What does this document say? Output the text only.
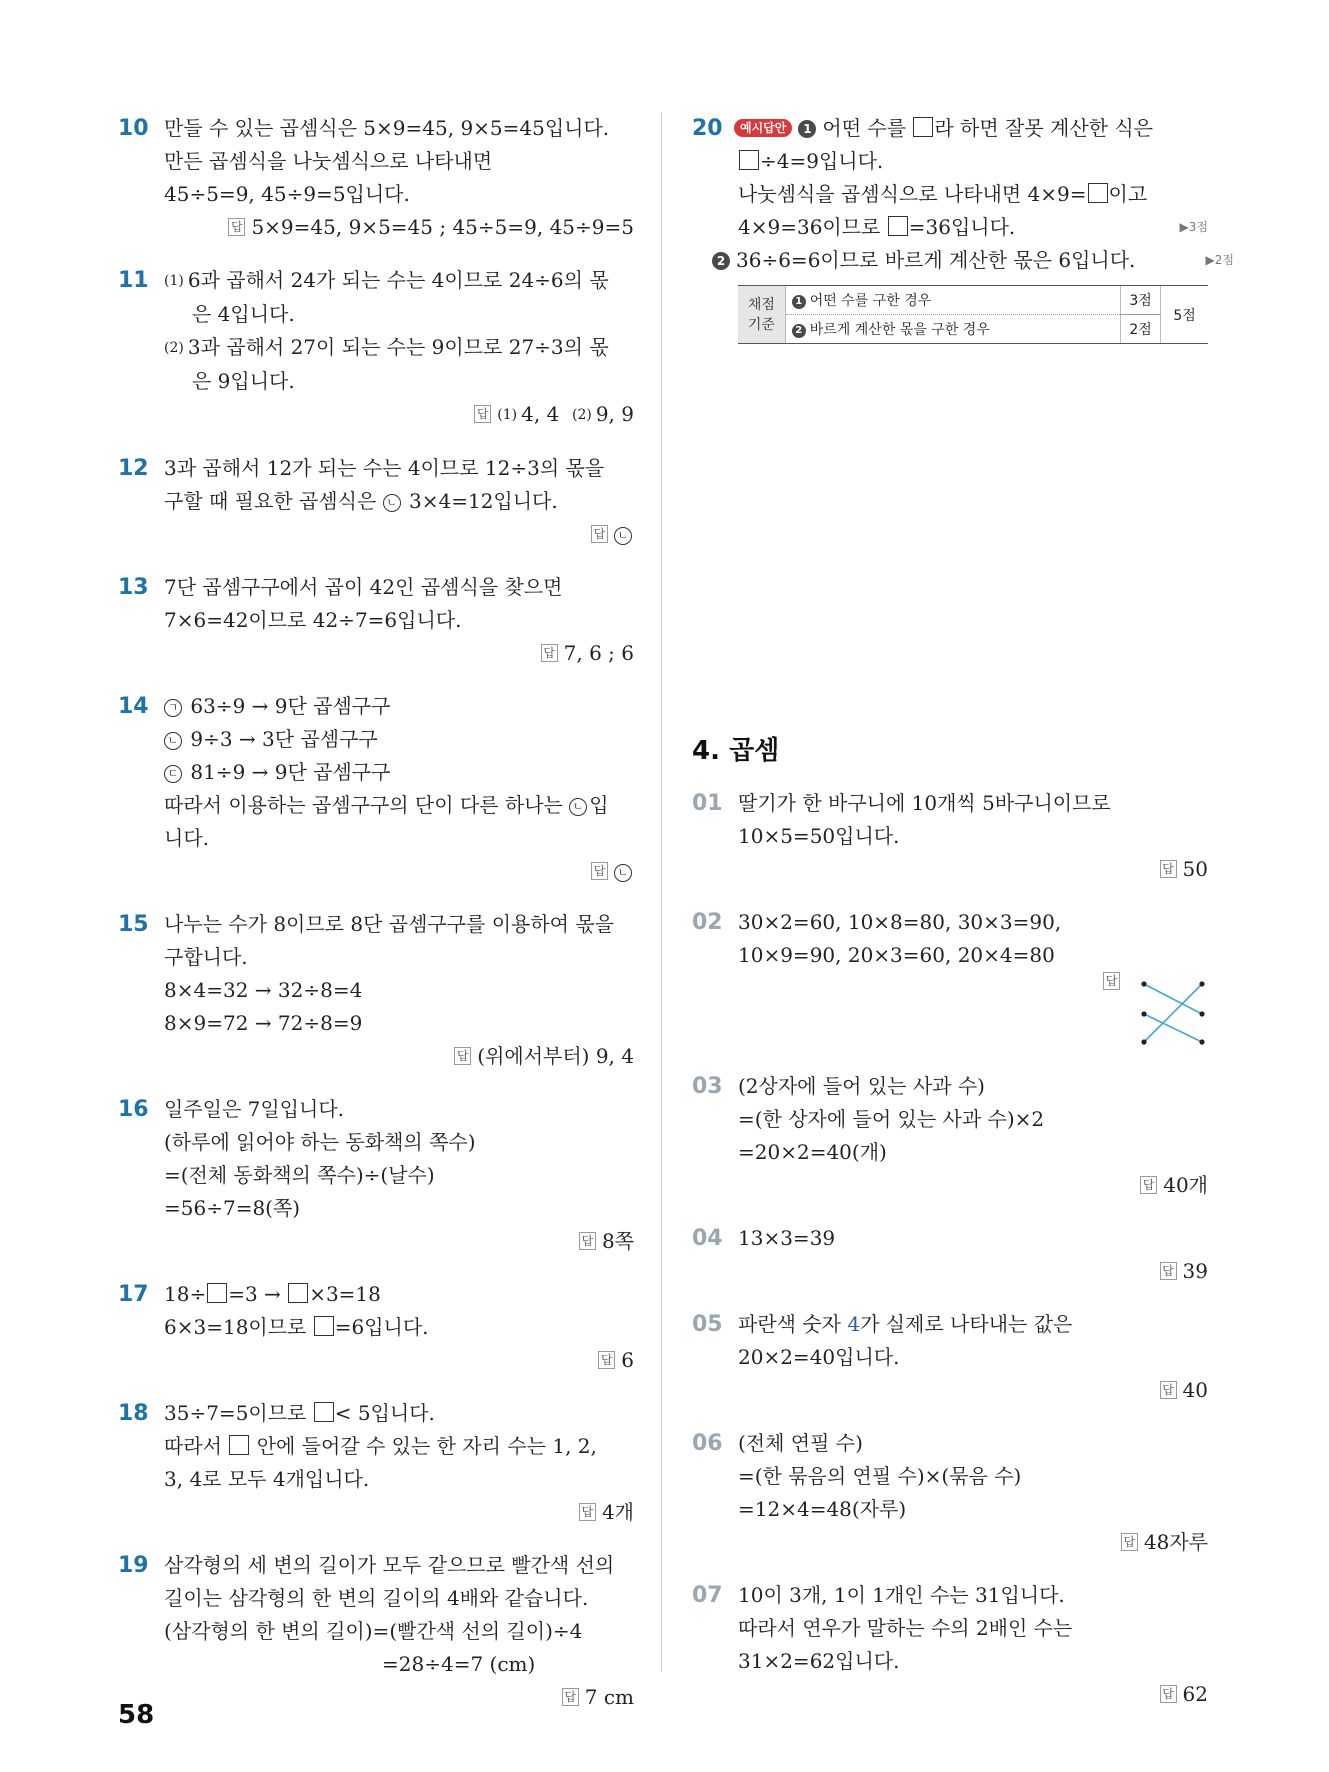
10 만들 수 있는 곱셈식은 5×9=45, 9×5=45입니다.
만든 곱셈식을 나눗셈식으로 나타내면
45÷5=9, 45÷9=5입니다.
답 5×9=45, 9×5=45 ; 45÷5=9, 45÷9=5
11 (1) 6과 곱해서 24가 되는 수는 4이므로 24÷6의 몫
은 4입니다.
(2) 3과 곱해서 27이 되는 수는 9이므로 27÷3의 몫
은 9입니다.
답 (1) 4, 4 (2) 9, 9
12 3과 곱해서 12가 되는 수는 4이므로 12÷3의 몫을
구할 때 필요한 곱셈식은 ㄴ 3×4=12입니다.
답 ㄴ
13 7단 곱셈구구에서 곱이 42인 곱셈식을 찾으면
7×6=42이므로 42÷7=6입니다.
답 7, 6 ; 6
14	ㄱ 63÷9 → 9단 곱셈구구
ㄴ 9÷3 → 3단 곱셈구구
ㄷ 81÷9 → 9단 곱셈구구
따라서 이용하는 곱셈구구의 단이 다른 하나는 ㄴ 입
니다.
답 ㄴ
15 나누는 수가 8이므로 8단 곱셈구구를 이용하여 몫을
구합니다.
8×4=32 → 32÷8=4
8×9=72 → 72÷8=9
답 (위에서부터) 9, 4
16 일주일은 7일입니다.
(하루에 읽어야 하는 동화책의 쪽수)
=(전체 동화책의 쪽수)÷(날수)
=56÷7=8(쪽)
답 8쪽
17 18÷ =3 → ×3=18
6×3=18이므로 =6입니다.
답 6
18 35÷7=5이므로 < 5입니다.
따라서 안에 들어갈 수 있는 한 자리 수는 1, 2,
3, 4로 모두 4개입니다.
답 4개
19 삼각형의 세 변의 길이가 모두 같으므로 빨간색 선의
길이는 삼각형의 한 변의 길이의 4배와 같습니다.
(삼각형의 한 변의 길이)=(빨간색 선의 길이)÷4
=28÷4=7 (cm)
답 7 cm
20	예시답안 1 어떤 수를 라 하면 잘못 계산한 식은
÷4=9입니다.
나눗셈식을 곱셈식으로 나타내면 4×9= 이고
4×9=36이므로 =36입니다.	▶3점
2 36÷6=6이므로 바르게 계산한 몫은 6입니다.	▶2점
채점
기준	1 어떤 수를 구한 경우	3점	5점
	2 바르게 계산한 몫을 구한 경우	2점	
4. 곱셈
01 딸기가 한 바구니에 10개씩 5바구니이므로
10×5=50입니다.
답 50
02 30×2=60, 10×8=80, 30×3=90,
10×9=90, 20×3=60, 20×4=80
답
03 (2상자에 들어 있는 사과 수)
=(한 상자에 들어 있는 사과 수)×2
=20×2=40(개)
답 40개
04 13×3=39
답 39
05 파란색 숫자 4가 실제로 나타내는 값은
20×2=40입니다.
답 40
06 (전체 연필 수)
=(한 묶음의 연필 수)×(묶음 수)
=12×4=48(자루)
답 48자루
07 10이 3개, 1이 1개인 수는 31입니다.
따라서 연우가 말하는 수의 2배인 수는
31×2=62입니다.
답 62
58
